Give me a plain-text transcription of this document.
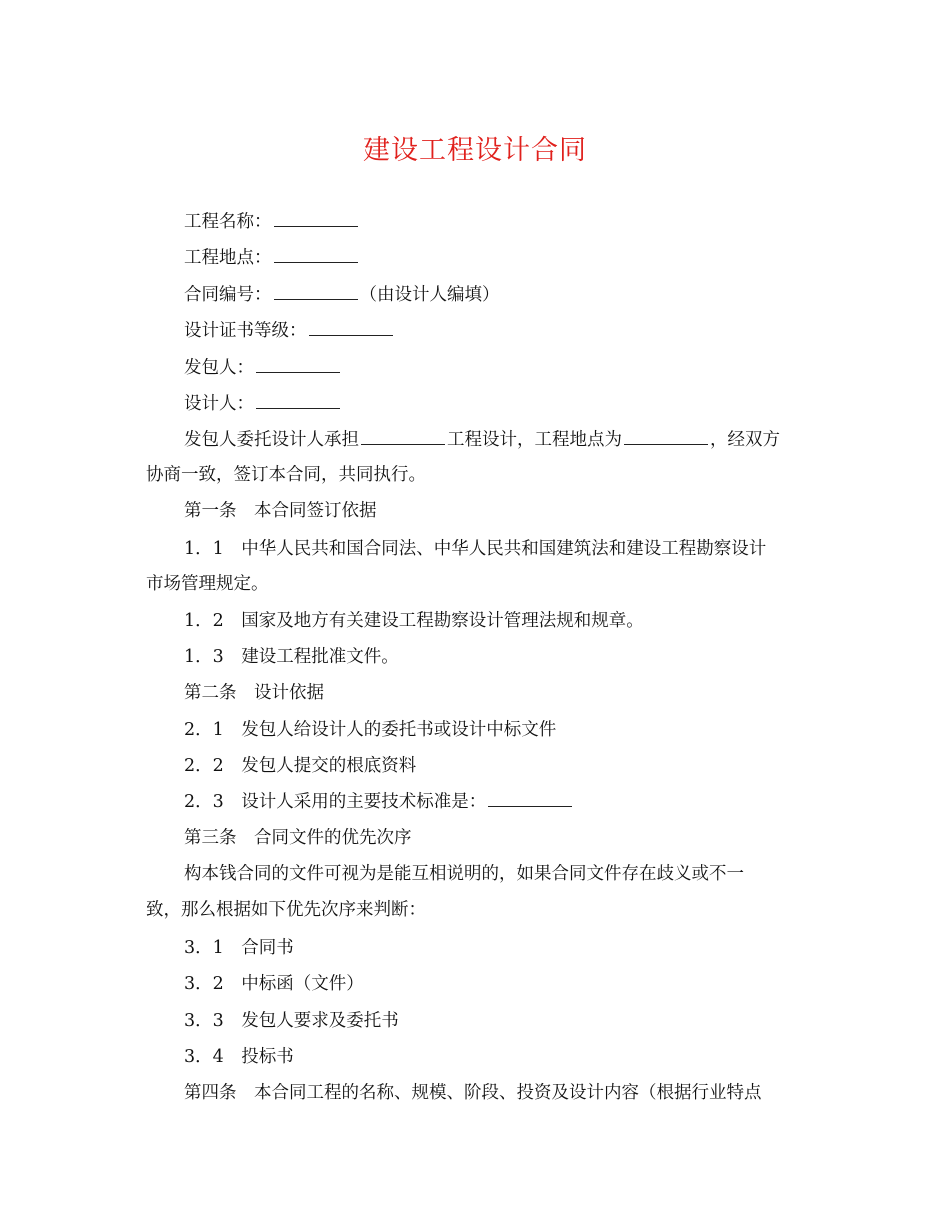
建设工程设计合同
工程名称：
工程地点：
合同编号：	（由设计人编填）
设计证书等级：
发包人：
设计人：
发包人委托设计人承担	工程设计，工程地点为	，经双方
协商一致，签订本合同，共同执行。
第一条　本合同签订依据
1．1　中华人民共和国合同法、中华人民共和国建筑法和建设工程勘察设计
市场管理规定。
1．2　国家及地方有关建设工程勘察设计管理法规和规章。
1．3　建设工程批准文件。
第二条　设计依据
2．1　发包人给设计人的委托书或设计中标文件
2．2　发包人提交的根底资料
2．3　设计人采用的主要技术标准是：
第三条　合同文件的优先次序
构本钱合同的文件可视为是能互相说明的，如果合同文件存在歧义或不一
致，那么根据如下优先次序来判断：
3．1　合同书
3．2　中标函（文件）
3．3　发包人要求及委托书
3．4　投标书
第四条　本合同工程的名称、规模、阶段、投资及设计内容（根据行业特点
